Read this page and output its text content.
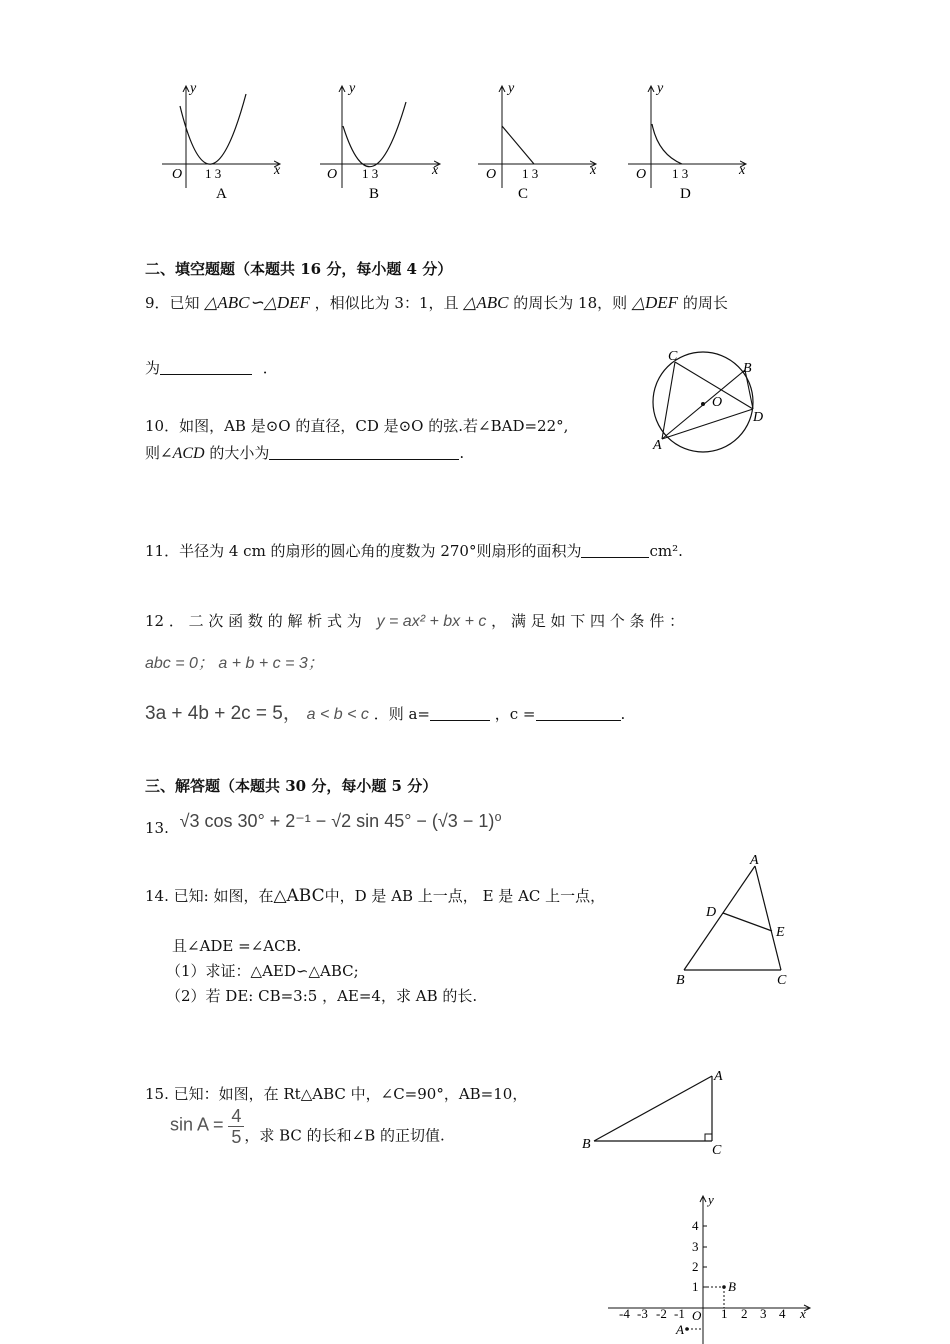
O
y
x
1 3
A
O
y
x
1 3
B
O
y
x
1 3
C
O
y
x
1 3
D
二、填空题题（本题共 16 分，每小题 4 分）
9．已知 △ABC∽△DEF ，相似比为 3：1，且 △ABC 的周长为 18，则 △DEF 的周长
为	．
C
B
O
D
A
10．如图，AB 是⊙O 的直径，CD 是⊙O 的弦.若∠BAD=22°,
则∠ACD 的大小为	.
11．半径为 4 cm 的扇形的圆心角的度数为 270°则扇形的面积为	cm².
12 ． 二 次 函 数 的 解 析 式 为 y = ax² + bx + c ， 满 足 如 下 四 个 条 件 ：
abc = 0； a + b + c = 3；
3a + 4b + 2c = 5， a < b < c ．则 a=	，c =	.
三、解答题（本题共 30 分，每小题 5 分）
13. √3 cos 30° + 2⁻¹ − √2 sin 45° − (√3 − 1)⁰
A
D
E
B	C
14. 已知: 如图，在△ABC中，D 是 AB 上一点， E 是 AC 上一点，
且∠ADE =∠ACB.
（1）求证：△AED∽△ABC;
（2）若 DE: CB=3:5 ，AE=4，求 AB 的长.
A
B	C
15. 已知：如图，在 Rt△ABC 中，∠C=90°，AB=10，
$\sin A = \frac{4}{5}$ ，求 BC 的长和∠B 的正切值.
y
x
O
B
A
4
3
2
1
-4 -3 -2 -1	1 2 3 4
